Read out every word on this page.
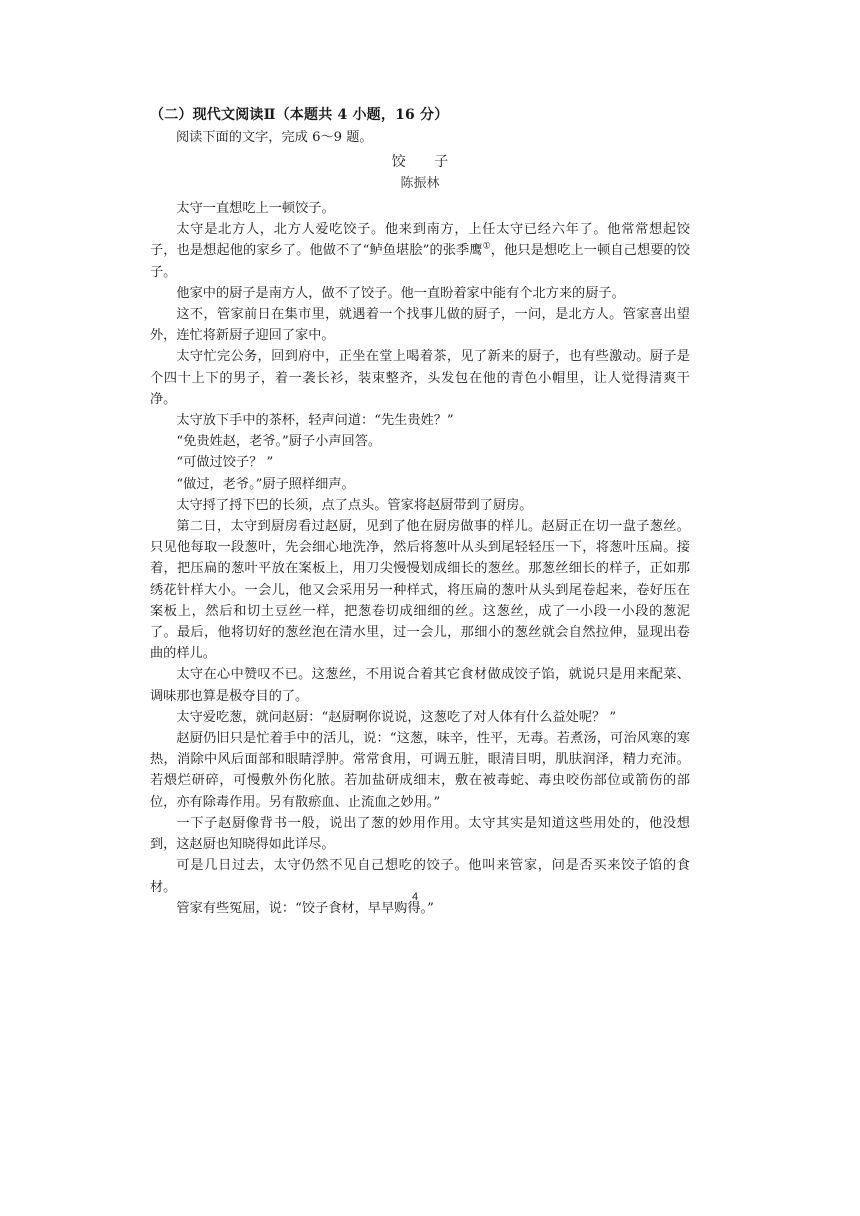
（二）现代文阅读Ⅱ（本题共 4 小题，16 分）
阅读下面的文字，完成 6～9 题。
饺 子
陈振林

太守一直想吃上一顿饺子。

太守是北方人，北方人爱吃饺子。他来到南方，上任太守已经六年了。他常常想起饺子，也是想起他的家乡了。他做不了“鲈鱼堪脍”的张季鹰①，他只是想吃上一顿自己想要的饺子。

他家中的厨子是南方人，做不了饺子。他一直盼着家中能有个北方来的厨子。

这不，管家前日在集市里，就遇着一个找事儿做的厨子，一问，是北方人。管家喜出望外，连忙将新厨子迎回了家中。

太守忙完公务，回到府中，正坐在堂上喝着茶，见了新来的厨子，也有些激动。厨子是个四十上下的男子，着一袭长衫，装束整齐，头发包在他的青色小帽里，让人觉得清爽干净。

太守放下手中的茶杯，轻声问道：“先生贵姓？”

“免贵姓赵，老爷。”厨子小声回答。

“可做过饺子？ ”

“做过，老爷。”厨子照样细声。

太守捋了捋下巴的长须，点了点头。管家将赵厨带到了厨房。

第二日，太守到厨房看过赵厨，见到了他在厨房做事的样儿。赵厨正在切一盘子葱丝。只见他每取一段葱叶，先会细心地洗净，然后将葱叶从头到尾轻轻压一下，将葱叶压扁。接着，把压扁的葱叶平放在案板上，用刀尖慢慢划成细长的葱丝。那葱丝细长的样子，正如那绣花针样大小。一会儿，他又会采用另一种样式，将压扁的葱叶从头到尾卷起来，卷好压在案板上，然后和切土豆丝一样，把葱卷切成细细的丝。这葱丝，成了一小段一小段的葱泥了。最后，他将切好的葱丝泡在清水里，过一会儿，那细小的葱丝就会自然拉伸，显现出卷曲的样儿。

太守在心中赞叹不已。这葱丝，不用说合着其它食材做成饺子馅，就说只是用来配菜、调味那也算是极夺目的了。

太守爱吃葱，就问赵厨：“赵厨啊你说说，这葱吃了对人体有什么益处呢？ ”

赵厨仍旧只是忙着手中的活儿，说：“这葱，味辛，性平，无毒。若煮汤，可治风寒的寒热，消除中风后面部和眼睛浮肿。常常食用，可调五脏，眼清目明，肌肤润泽，精力充沛。若煨烂研碎，可慢敷外伤化脓。若加盐研成细末，敷在被毒蛇、毒虫咬伤部位或箭伤的部位，亦有除毒作用。另有散瘀血、止流血之妙用。”

一下子赵厨像背书一般，说出了葱的妙用作用。太守其实是知道这些用处的，他没想到，这赵厨也知晓得如此详尽。

可是几日过去，太守仍然不见自己想吃的饺子。他叫来管家，问是否买来饺子馅的食材。

管家有些冤屈，说：“饺子食材，早早购得。”

4
